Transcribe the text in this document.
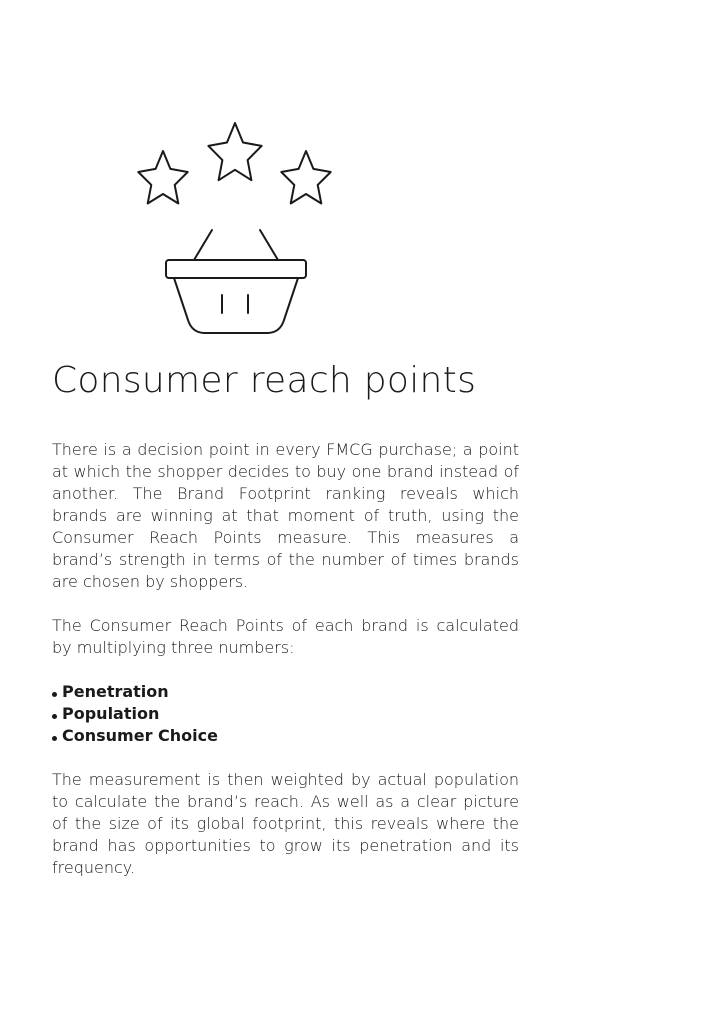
Consumer reach points

There is a decision point in every FMCG purchase; a point at which the shopper decides to buy one brand instead of another. The Brand Footprint ranking reveals which brands are winning at that moment of truth, using the Consumer Reach Points measure. This measures a brand’s strength in terms of the number of times brands are chosen by shoppers.

The Consumer Reach Points of each brand is calculated by multiplying three numbers:

Penetration
Population
Consumer Choice

The measurement is then weighted by actual population to calculate the brand’s reach. As well as a clear picture of the size of its global footprint, this reveals where the brand has opportunities to grow its penetration and its frequency.
